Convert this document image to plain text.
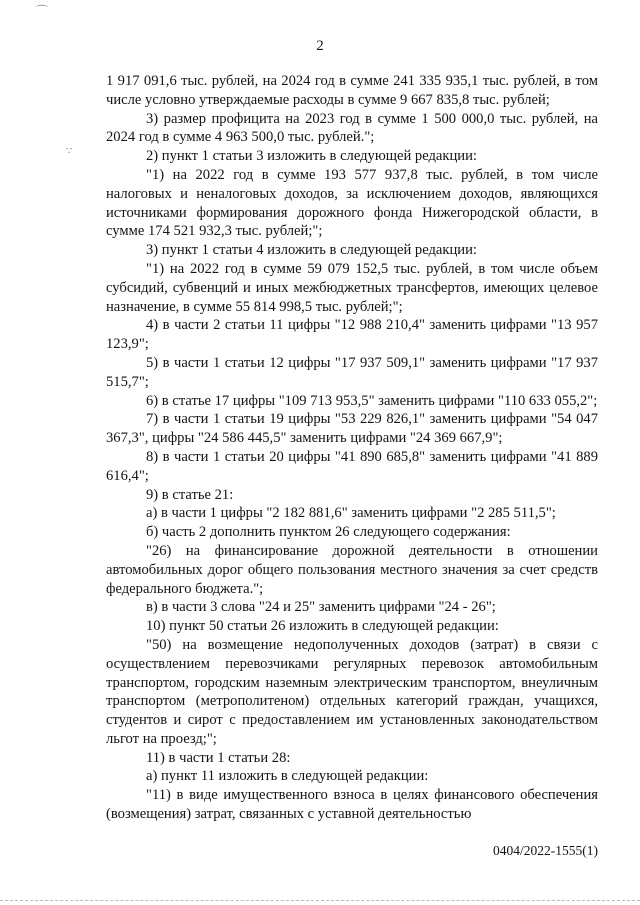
⌒
∵
2

1 917 091,6 тыс. рублей, на 2024 год в сумме 241 335 935,1 тыс. рублей, в том числе условно утверждаемые расходы в сумме 9 667 835,8 тыс. рублей;

3) размер профицита на 2023 год в сумме 1 500 000,0 тыс. рублей, на 2024 год в сумме 4 963 500,0 тыс. рублей.";

2) пункт 1 статьи 3 изложить в следующей редакции:

"1) на 2022 год в сумме 193 577 937,8 тыс. рублей, в том числе налоговых и неналоговых доходов, за исключением доходов, являющихся источниками формирования дорожного фонда Нижегородской области, в сумме 174 521 932,3 тыс. рублей;";

3) пункт 1 статьи 4 изложить в следующей редакции:

"1) на 2022 год в сумме 59 079 152,5 тыс. рублей, в том числе объем субсидий, субвенций и иных межбюджетных трансфертов, имеющих целевое назначение, в сумме 55 814 998,5 тыс. рублей;";

4) в части 2 статьи 11 цифры "12 988 210,4" заменить цифрами "13 957 123,9";

5) в части 1 статьи 12 цифры "17 937 509,1" заменить цифрами "17 937 515,7";

6) в статье 17 цифры "109 713 953,5" заменить цифрами "110 633 055,2";

7) в части 1 статьи 19 цифры "53 229 826,1" заменить цифрами "54 047 367,3", цифры "24 586 445,5" заменить цифрами "24 369 667,9";

8) в части 1 статьи 20 цифры "41 890 685,8" заменить цифрами "41 889 616,4";

9) в статье 21:

а) в части 1 цифры "2 182 881,6" заменить цифрами "2 285 511,5";

б) часть 2 дополнить пунктом 26 следующего содержания:

"26) на финансирование дорожной деятельности в отношении автомобильных дорог общего пользования местного значения за счет средств федерального бюджета.";

в) в части 3 слова "24 и 25" заменить цифрами "24 - 26";

10) пункт 50 статьи 26 изложить в следующей редакции:

"50) на возмещение недополученных доходов (затрат) в связи с осуществлением перевозчиками регулярных перевозок автомобильным транспортом, городским наземным электрическим транспортом, внеуличным транспортом (метрополитеном) отдельных категорий граждан, учащихся, студентов и сирот с предоставлением им установленных законодательством льгот на проезд;";

11) в части 1 статьи 28:

а) пункт 11 изложить в следующей редакции:

"11) в виде имущественного взноса в целях финансового обеспечения (возмещения) затрат, связанных с уставной деятельностью

0404/2022-1555(1)
